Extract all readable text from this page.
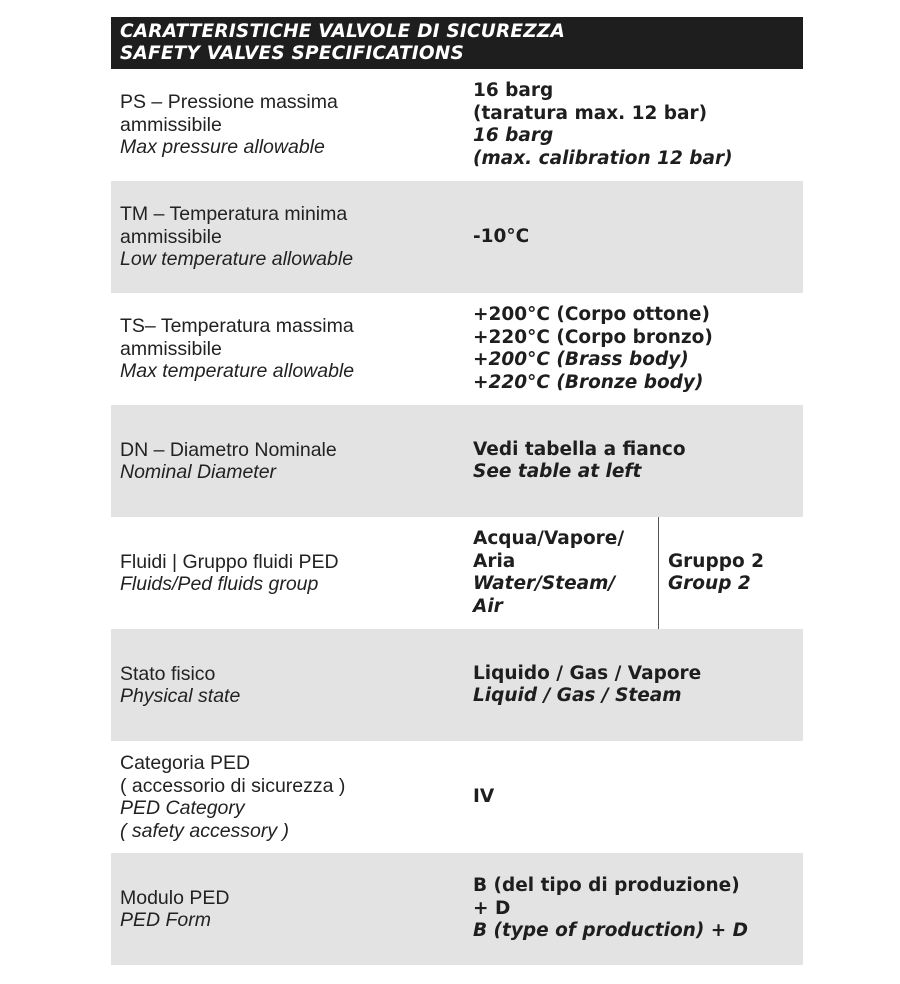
CARATTERISTICHE VALVOLE DI SICUREZZA
SAFETY VALVES SPECIFICATIONS
PS – Pressione massima
ammissibile
Max pressure allowable
16 barg
(taratura max. 12 bar)
16 barg
(max. calibration 12 bar)
TM – Temperatura minima
ammissibile
Low temperature allowable
-10°C
TS– Temperatura massima
ammissibile
Max temperature allowable
+200°C (Corpo ottone)
+220°C (Corpo bronzo)
+200°C (Brass body)
+220°C (Bronze body)
DN – Diametro Nominale
Nominal Diameter
Vedi tabella a fianco
See table at left
Fluidi | Gruppo fluidi PED
Fluids/Ped fluids group
Acqua/Vapore/
Aria
Water/Steam/
Air
Gruppo 2
Group 2
Stato fisico
Physical state
Liquido / Gas / Vapore
Liquid / Gas / Steam
Categoria PED
( accessorio di sicurezza )
PED Category
( safety accessory )
IV
Modulo PED
PED Form
B (del tipo di produzione)
+ D
B (type of production) + D
